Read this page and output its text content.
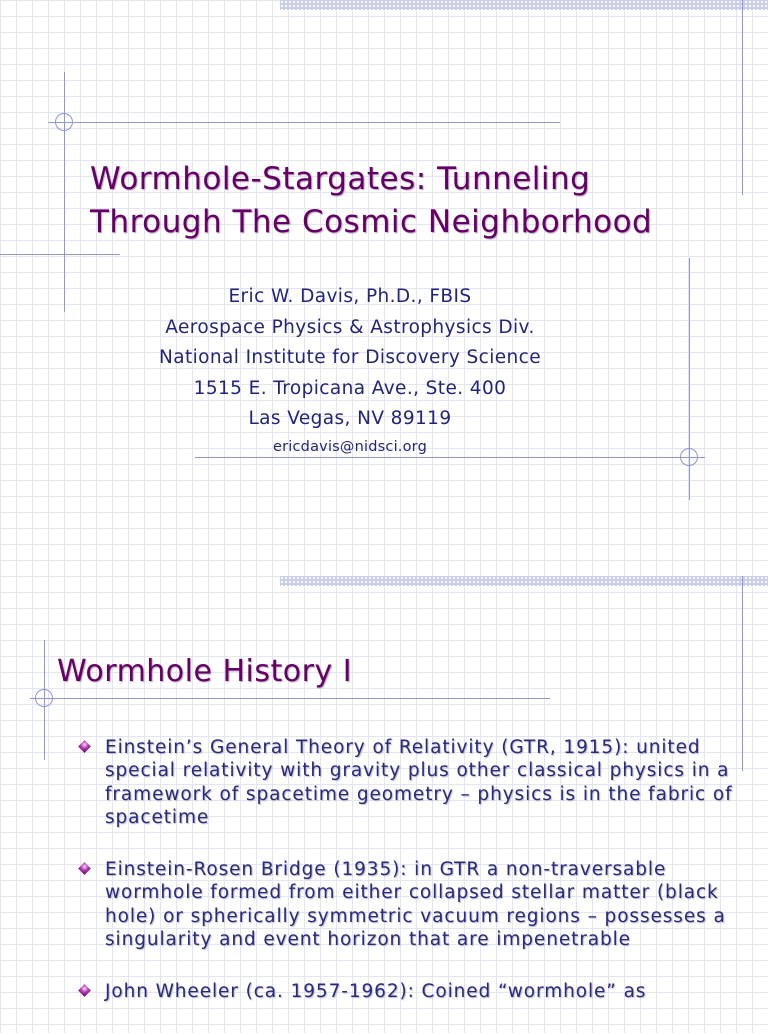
Wormhole-Stargates: Tunneling Through The Cosmic Neighborhood
Eric W. Davis, Ph.D., FBIS
Aerospace Physics & Astrophysics Div.
National Institute for Discovery Science
1515 E. Tropicana Ave., Ste. 400
Las Vegas, NV 89119
ericdavis@nidsci.org
Wormhole History I
Einstein’s General Theory of Relativity (GTR, 1915): united special relativity with gravity plus other classical physics in a framework of spacetime geometry – physics is in the fabric of spacetime
Einstein-Rosen Bridge (1935): in GTR a non-traversable wormhole formed from either collapsed stellar matter (black hole) or spherically symmetric vacuum regions – possesses a singularity and event horizon that are impenetrable
John Wheeler (ca. 1957-1962): Coined “wormhole” as
